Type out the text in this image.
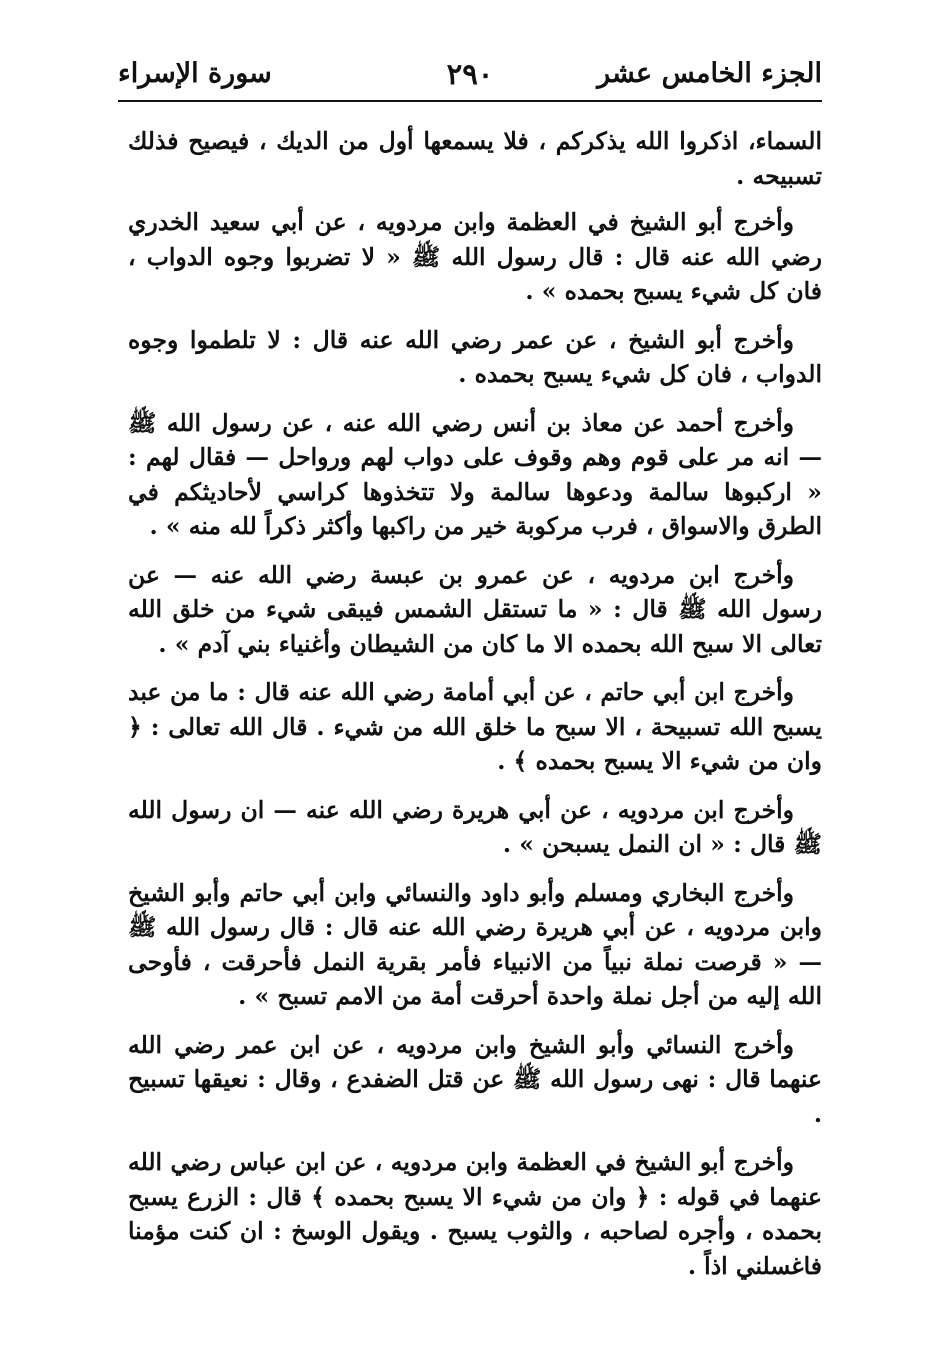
الجزء الخامس عشر
٢٩٠
سورة الإسراء

السماء، اذكروا الله يذكركم ، فلا يسمعها أول من الديك ، فيصيح فذلك تسبيحه .

وأخرج أبو الشيخ في العظمة وابن مردويه ، عن أبي سعيد الخدري رضي الله عنه قال : قال رسول الله ﷺ « لا تضربوا وجوه الدواب ، فان كل شيء يسبح بحمده » .

وأخرج أبو الشيخ ، عن عمر رضي الله عنه قال : لا تلطموا وجوه الدواب ، فان كل شيء يسبح بحمده .

وأخرج أحمد عن معاذ بن أنس رضي الله عنه ، عن رسول الله ﷺ — انه مر على قوم وهم وقوف على دواب لهم ورواحل — فقال لهم : « اركبوها سالمة ودعوها سالمة ولا تتخذوها كراسي لأحاديثكم في الطرق والاسواق ، فرب مركوبة خير من راكبها وأكثر ذكراً لله منه » .

وأخرج ابن مردويه ، عن عمرو بن عبسة رضي الله عنه — عن رسول الله ﷺ قال : « ما تستقل الشمس فيبقى شيء من خلق الله تعالى الا سبح الله بحمده الا ما كان من الشيطان وأغنياء بني آدم » .

وأخرج ابن أبي حاتم ، عن أبي أمامة رضي الله عنه قال : ما من عبد يسبح الله تسبيحة ، الا سبح ما خلق الله من شيء . قال الله تعالى : ﴿ وان من شيء الا يسبح بحمده ﴾ .

وأخرج ابن مردويه ، عن أبي هريرة رضي الله عنه — ان رسول الله ﷺ قال : « ان النمل يسبحن » .

وأخرج البخاري ومسلم وأبو داود والنسائي وابن أبي حاتم وأبو الشيخ وابن مردويه ، عن أبي هريرة رضي الله عنه قال : قال رسول الله ﷺ — « قرصت نملة نبياً من الانبياء فأمر بقرية النمل فأحرقت ، فأوحى الله إليه من أجل نملة واحدة أحرقت أمة من الامم تسبح » .

وأخرج النسائي وأبو الشيخ وابن مردويه ، عن ابن عمر رضي الله عنهما قال : نهى رسول الله ﷺ عن قتل الضفدع ، وقال : نعيقها تسبيح .

وأخرج أبو الشيخ في العظمة وابن مردويه ، عن ابن عباس رضي الله عنهما في قوله : ﴿ وان من شيء الا يسبح بحمده ﴾ قال : الزرع يسبح بحمده ، وأجره لصاحبه ، والثوب يسبح . ويقول الوسخ : ان كنت مؤمنا فاغسلني اذاً .
